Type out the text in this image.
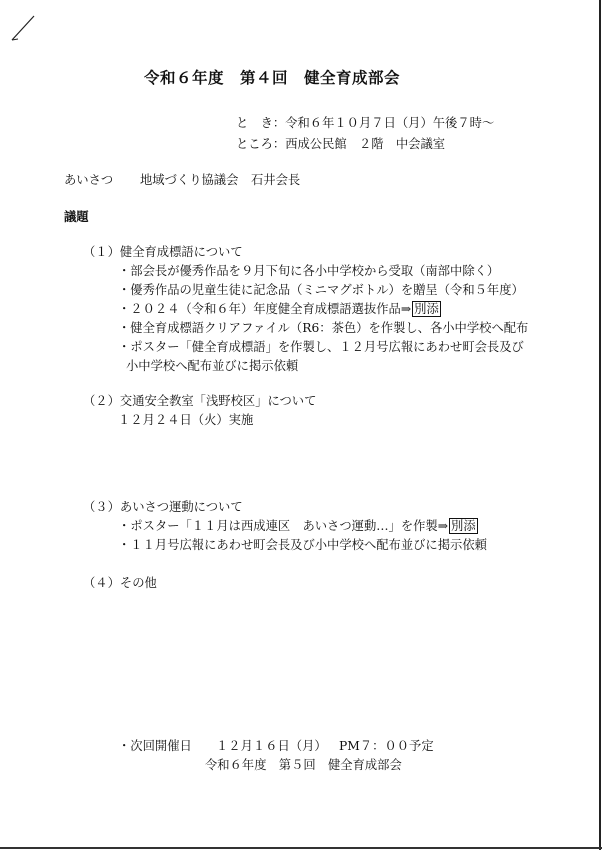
令和６年度　第４回　健全育成部会
と　き：令和６年１０月７日（月）午後７時～
ところ：西成公民館　２階　中会議室
あいさつ 地域づくり協議会 石井会長
議題
（１）健全育成標語について
・部会長が優秀作品を９月下旬に各小中学校から受取（南部中除く）
・優秀作品の児童生徒に記念品（ミニマグボトル）を贈呈（令和５年度）
・２０２４（令和６年）年度健全育成標語選抜作品⇒ 別添
・健全育成標語クリアファイル（R6：茶色）を作製し、各小中学校へ配布
・ポスター「健全育成標語」を作製し、１２月号広報にあわせ町会長及び
小中学校へ配布並びに掲示依頼
（２）交通安全教室「浅野校区」について
１２月２４日（火）実施
（３）あいさつ運動について
・ポスター「１１月は西成連区　あいさつ運動…」を作製⇒ 別添
・１１月号広報にあわせ町会長及び小中学校へ配布並びに掲示依頼
（４）その他
・次回開催日 １２月１６日（月） PM７：００予定
令和６年度　第５回　健全育成部会
